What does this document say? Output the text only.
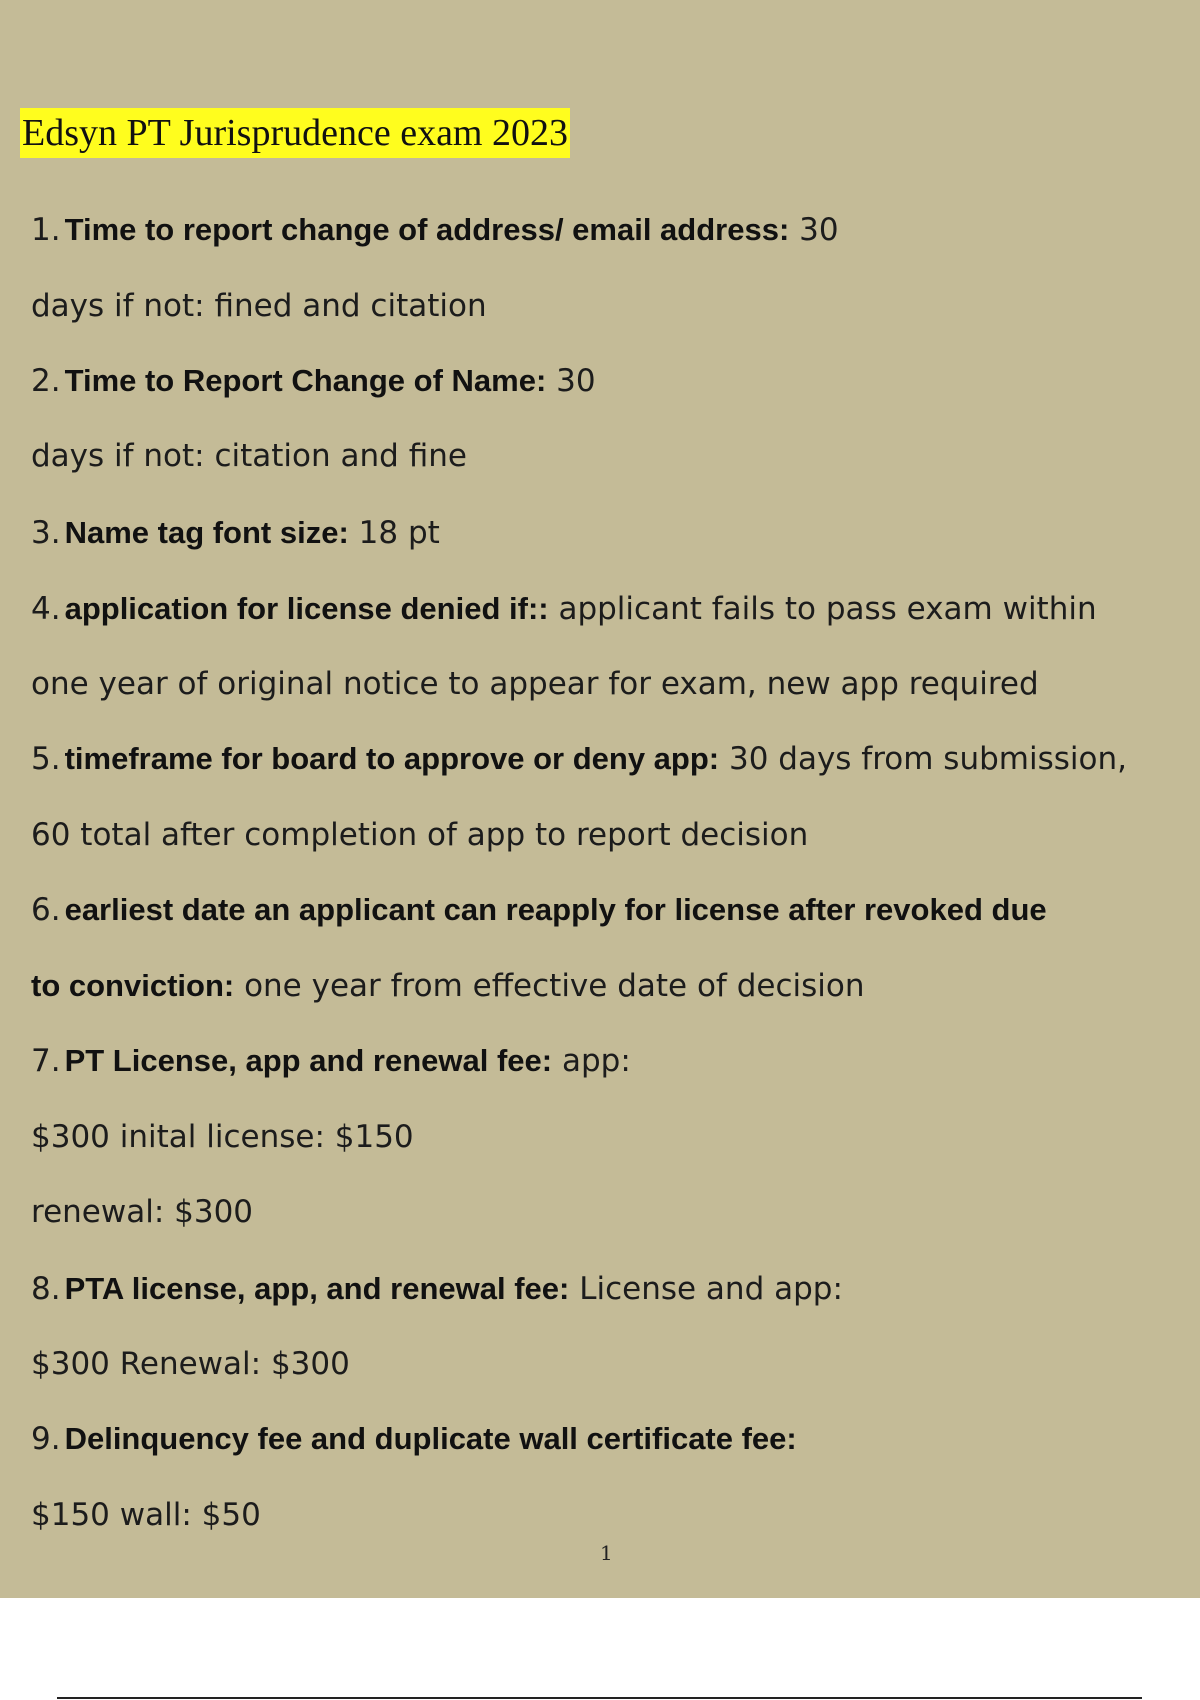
Edsyn PT Jurisprudence exam 2023
1. Time to report change of address/ email address: 30
days if not: fined and citation
2. Time to Report Change of Name: 30
days if not: citation and fine
3. Name tag font size: 18 pt
4. application for license denied if:: applicant fails to pass exam within
one year of original notice to appear for exam, new app required
5. timeframe for board to approve or deny app: 30 days from submission,
60 total after completion of app to report decision
6. earliest date an applicant can reapply for license after revoked due
to conviction: one year from effective date of decision
7. PT License, app and renewal fee: app:
$300 inital license: $150
renewal: $300
8. PTA license, app, and renewal fee: License and app:
$300 Renewal: $300
9. Delinquency fee and duplicate wall certificate fee:
$150 wall: $50
1
